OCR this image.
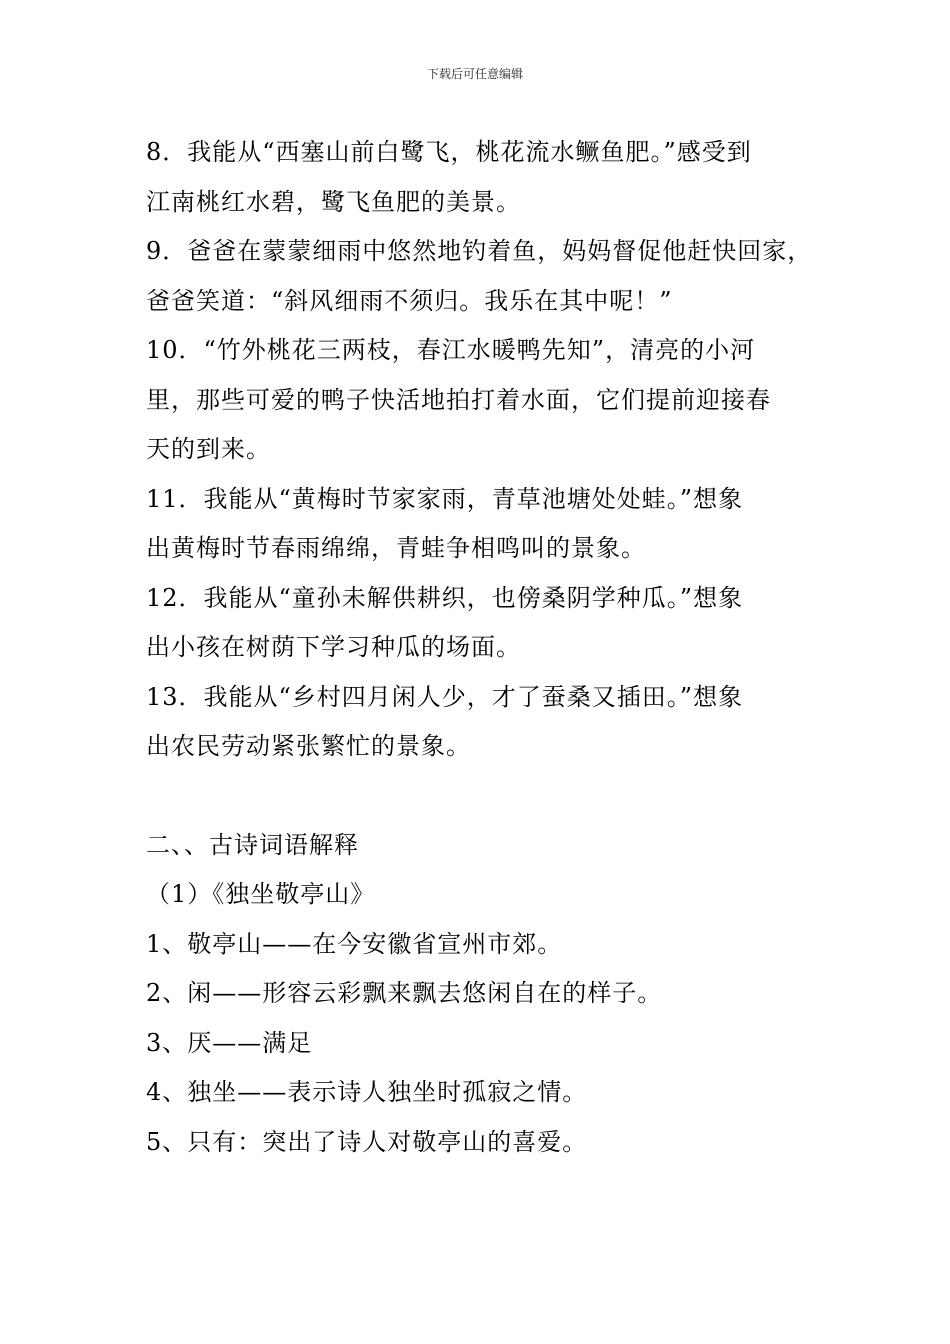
下载后可任意编辑
8．我能从“西塞山前白鹭飞，桃花流水鳜鱼肥。”感受到
江南桃红水碧，鹭飞鱼肥的美景。
9．爸爸在蒙蒙细雨中悠然地钓着鱼，妈妈督促他赶快回家，
爸爸笑道：“斜风细雨不须归。我乐在其中呢！”
10．“竹外桃花三两枝，春江水暖鸭先知”，清亮的小河
里，那些可爱的鸭子快活地拍打着水面，它们提前迎接春
天的到来。
11．我能从“黄梅时节家家雨，青草池塘处处蛙。”想象
出黄梅时节春雨绵绵，青蛙争相鸣叫的景象。
12．我能从“童孙未解供耕织，也傍桑阴学种瓜。”想象
出小孩在树荫下学习种瓜的场面。
13．我能从“乡村四月闲人少，才了蚕桑又插田。”想象
出农民劳动紧张繁忙的景象。
二、、古诗词语解释
（1）《独坐敬亭山》
1、敬亭山——在今安徽省宣州市郊。
2、闲——形容云彩飘来飘去悠闲自在的样子。
3、厌——满足
4、独坐——表示诗人独坐时孤寂之情。
5、只有：突出了诗人对敬亭山的喜爱。
